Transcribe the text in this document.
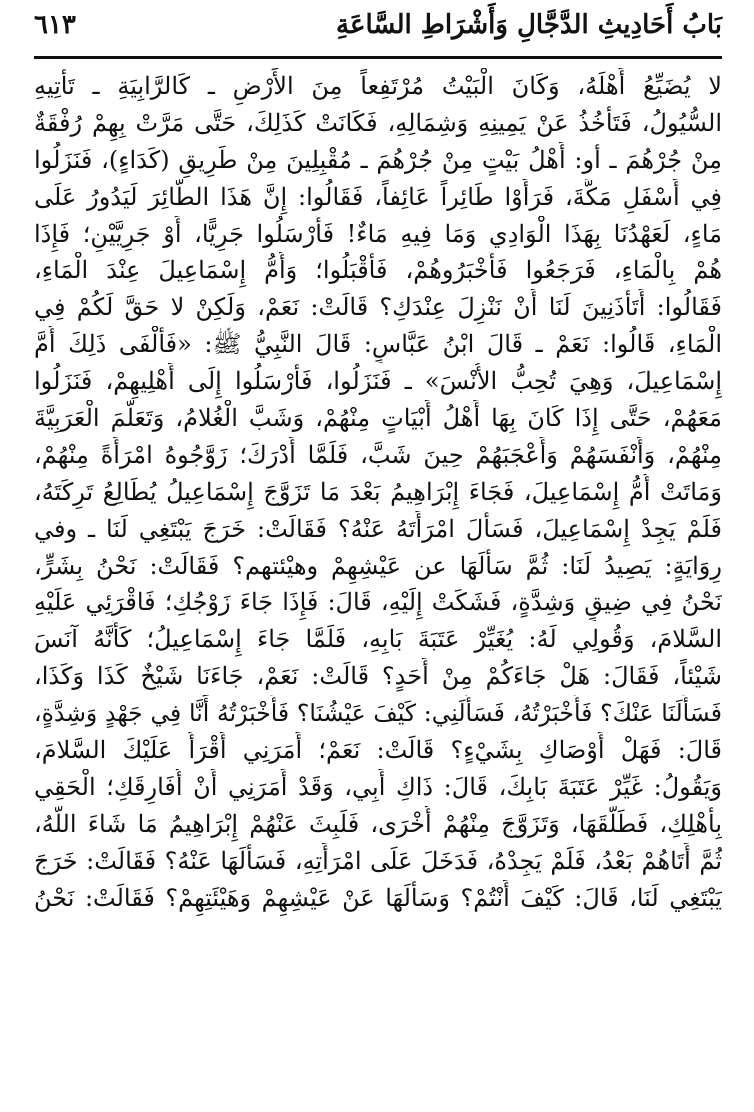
بَابُ أَحَادِيثِ الدَّجَّالِ وَأَشْرَاطِ السَّاعَةِ
٦١٣
لا يُضَيِّعُ أَهْلَهُ، وَكَانَ الْبَيْتُ مُرْتَفِعاً مِنَ الأَرْضِ ـ كَالرَّابِيَةِ ـ تَأْتِيهِ
السُّيُولُ، فَتَأْخُذُ عَنْ يَمِينِهِ وَشِمَالِهِ، فَكَانَتْ كَذَلِكَ، حَتَّى مَرَّتْ بِهِمْ رُفْقَةٌ
مِنْ جُرْهُمَ ـ أو: أَهْلُ بَيْتٍ مِنْ جُرْهُمَ ـ مُقْبِلِينَ مِنْ طَرِيقِ (كَدَاءٍ)، فَنَزَلُوا
فِي أَسْفَلِ مَكَّةَ، فَرَأَوْا طَائِراً عَائِفاً، فَقَالُوا: إِنَّ هَذَا الطَّائِرَ لَيَدُورُ عَلَى
مَاءٍ، لَعَهْدُنَا بِهَذَا الْوَادِي وَمَا فِيهِ مَاءٌ! فَأَرْسَلُوا جَرِيًّا، أَوْ جَرِيَّيْنِ؛ فَإِذَا
هُمْ بِالْمَاءِ، فَرَجَعُوا فَأَخْبَرُوهُمْ، فَأَقْبَلُوا؛ وَأُمُّ إِسْمَاعِيلَ عِنْدَ الْمَاءِ،
فَقَالُوا: أَتَأْذَنِينَ لَنَا أَنْ نَنْزِلَ عِنْدَكِ؟ قَالَتْ: نَعَمْ، وَلَكِنْ لا حَقَّ لَكُمْ فِي
الْمَاءِ، قَالُوا: نَعَمْ ـ قَالَ ابْنُ عَبَّاسٍ: قَالَ النَّبِيُّ ﷺ: «فَأَلْفَى ذَلِكَ أُمَّ
إِسْمَاعِيلَ، وَهِيَ تُحِبُّ الأُنْسَ» ـ فَنَزَلُوا، فَأَرْسَلُوا إِلَى أَهْلِيهِمْ، فَنَزَلُوا
مَعَهُمْ، حَتَّى إِذَا كَانَ بِهَا أَهْلُ أَبْيَاتٍ مِنْهُمْ، وَشَبَّ الْغُلامُ، وَتَعَلَّمَ الْعَرَبِيَّةَ
مِنْهُمْ، وَأَنْفَسَهُمْ وَأَعْجَبَهُمْ حِينَ شَبَّ، فَلَمَّا أَدْرَكَ؛ زَوَّجُوهُ امْرَأَةً مِنْهُمْ،
وَمَاتَتْ أُمُّ إِسْمَاعِيلَ، فَجَاءَ إِبْرَاهِيمُ بَعْدَ مَا تَزَوَّجَ إِسْمَاعِيلُ يُطَالِعُ تَرِكَتَهُ،
فَلَمْ يَجِدْ إِسْمَاعِيلَ، فَسَأَلَ امْرَأَتَهُ عَنْهُ؟ فَقَالَتْ: خَرَجَ يَبْتَغِي لَنَا ـ وفي
رِوَايَةٍ: يَصِيدُ لَنَا: ثُمَّ سَأَلَهَا عن عَيْشِهِمْ وهيْئتهم؟ فَقَالَتْ: نَحْنُ بِشَرٍّ،
نَحْنُ فِي ضِيقٍ وَشِدَّةٍ، فَشَكَتْ إِلَيْهِ، قَالَ: فَإِذَا جَاءَ زَوْجُكِ؛ فَاقْرَئِي عَلَيْهِ
السَّلامَ، وَقُولِي لَهُ: يُغَيِّرْ عَتَبَةَ بَابِهِ، فَلَمَّا جَاءَ إِسْمَاعِيلُ؛ كَأَنَّهُ آنَسَ
شَيْئاً، فَقَالَ: هَلْ جَاءَكُمْ مِنْ أَحَدٍ؟ قَالَتْ: نَعَمْ، جَاءَنَا شَيْخٌ كَذَا وَكَذَا،
فَسَأَلَنَا عَنْكَ؟ فَأَخْبَرْتُهُ، فَسَأَلَنِي: كَيْفَ عَيْشُنَا؟ فَأَخْبَرْتُهُ أَنَّا فِي جَهْدٍ وَشِدَّةٍ،
قَالَ: فَهَلْ أَوْصَاكِ بِشَيْءٍ؟ قَالَتْ: نَعَمْ؛ أَمَرَنِي أَقْرَأُ عَلَيْكَ السَّلامَ،
وَيَقُولُ: غَيِّرْ عَتَبَةَ بَابِكَ، قَالَ: ذَاكِ أَبِي، وَقَدْ أَمَرَنِي أَنْ أُفَارِقَكِ؛ الْحَقِي
بِأَهْلِكِ، فَطَلَّقَهَا، وَتَزَوَّجَ مِنْهُمْ أُخْرَى، فَلَبِثَ عَنْهُمْ إِبْرَاهِيمُ مَا شَاءَ اللَّهُ،
ثُمَّ أَتَاهُمْ بَعْدُ، فَلَمْ يَجِدْهُ، فَدَخَلَ عَلَى امْرَأَتِهِ، فَسَأَلَهَا عَنْهُ؟ فَقَالَتْ: خَرَجَ
يَبْتَغِي لَنَا، قَالَ: كَيْفَ أَنْتُمْ؟ وَسَأَلَهَا عَنْ عَيْشِهِمْ وَهَيْئَتِهِمْ؟ فَقَالَتْ: نَحْنُ
